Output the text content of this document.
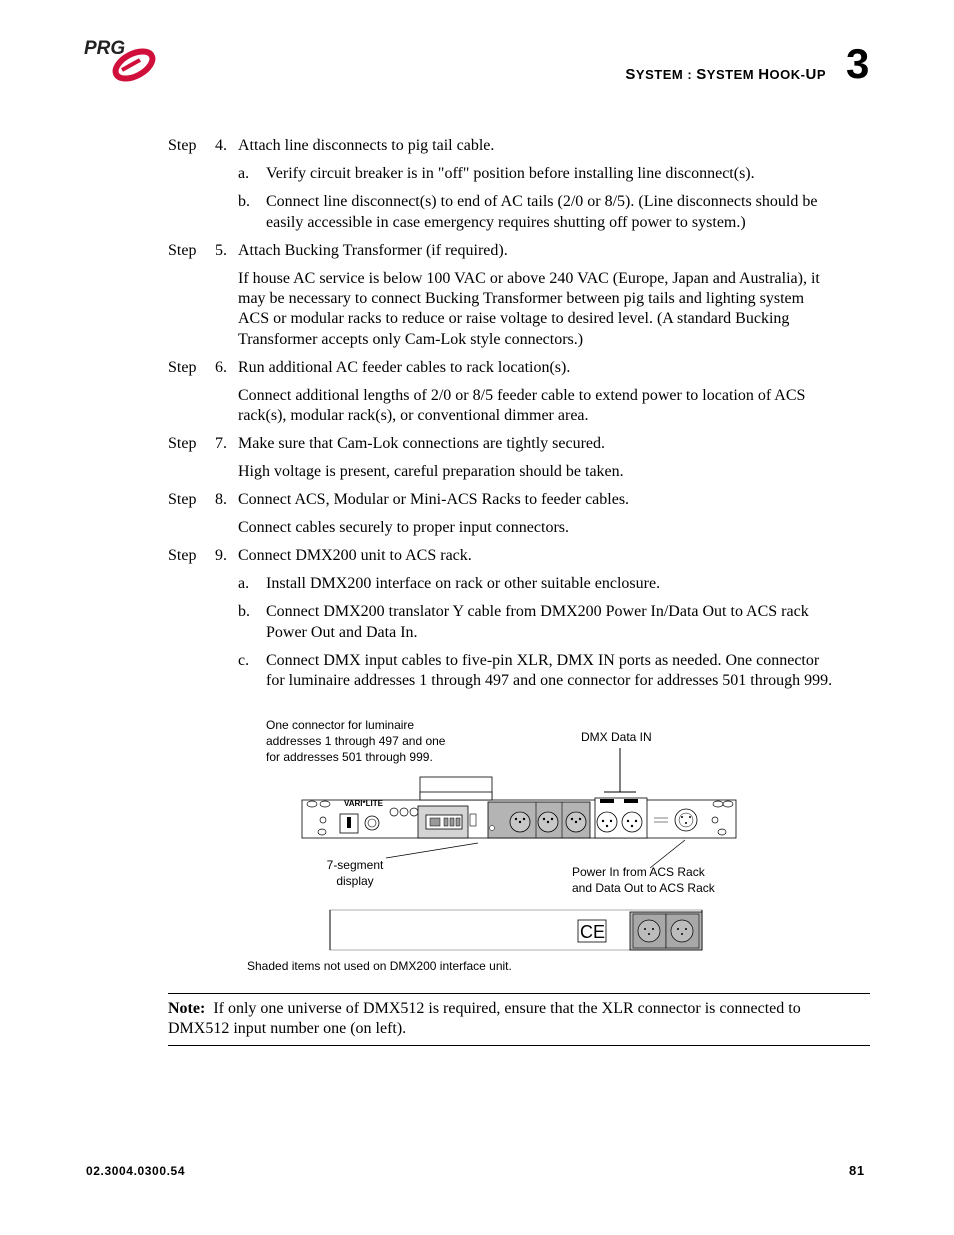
PRG
SYSTEM : SYSTEM HOOK-UP 3
Step 4. Attach line disconnects to pig tail cable.
a. Verify circuit breaker is in "off" position before installing line disconnect(s).
b. Connect line disconnect(s) to end of AC tails (2/0 or 8/5). (Line disconnects should be
easily accessible in case emergency requires shutting off power to system.)
Step 5. Attach Bucking Transformer (if required).
If house AC service is below 100 VAC or above 240 VAC (Europe, Japan and Australia), it
may be necessary to connect Bucking Transformer between pig tails and lighting system
ACS or modular racks to reduce or raise voltage to desired level. (A standard Bucking
Transformer accepts only Cam-Lok style connectors.)
Step 6. Run additional AC feeder cables to rack location(s).
Connect additional lengths of 2/0 or 8/5 feeder cable to extend power to location of ACS
rack(s), modular rack(s), or conventional dimmer area.
Step 7. Make sure that Cam-Lok connections are tightly secured.
High voltage is present, careful preparation should be taken.
Step 8. Connect ACS, Modular or Mini-ACS Racks to feeder cables.
Connect cables securely to proper input connectors.
Step 9. Connect DMX200 unit to ACS rack.
a. Install DMX200 interface on rack or other suitable enclosure.
b. Connect DMX200 translator Y cable from DMX200 Power In/Data Out to ACS rack
Power Out and Data In.
c. Connect DMX input cables to five-pin XLR, DMX IN ports as needed. One connector
for luminaire addresses 1 through 497 and one connector for addresses 501 through 999.
One connector for luminaire
addresses 1 through 497 and one
for addresses 501 through 999.
DMX Data IN
7-segment
display
Power In from ACS Rack
and Data Out to ACS Rack
VARI*LITE
CE
Shaded items not used on DMX200 interface unit.
Note: If only one universe of DMX512 is required, ensure that the XLR connector is connected to
DMX512 input number one (on left).
02.3004.0300.54	81
